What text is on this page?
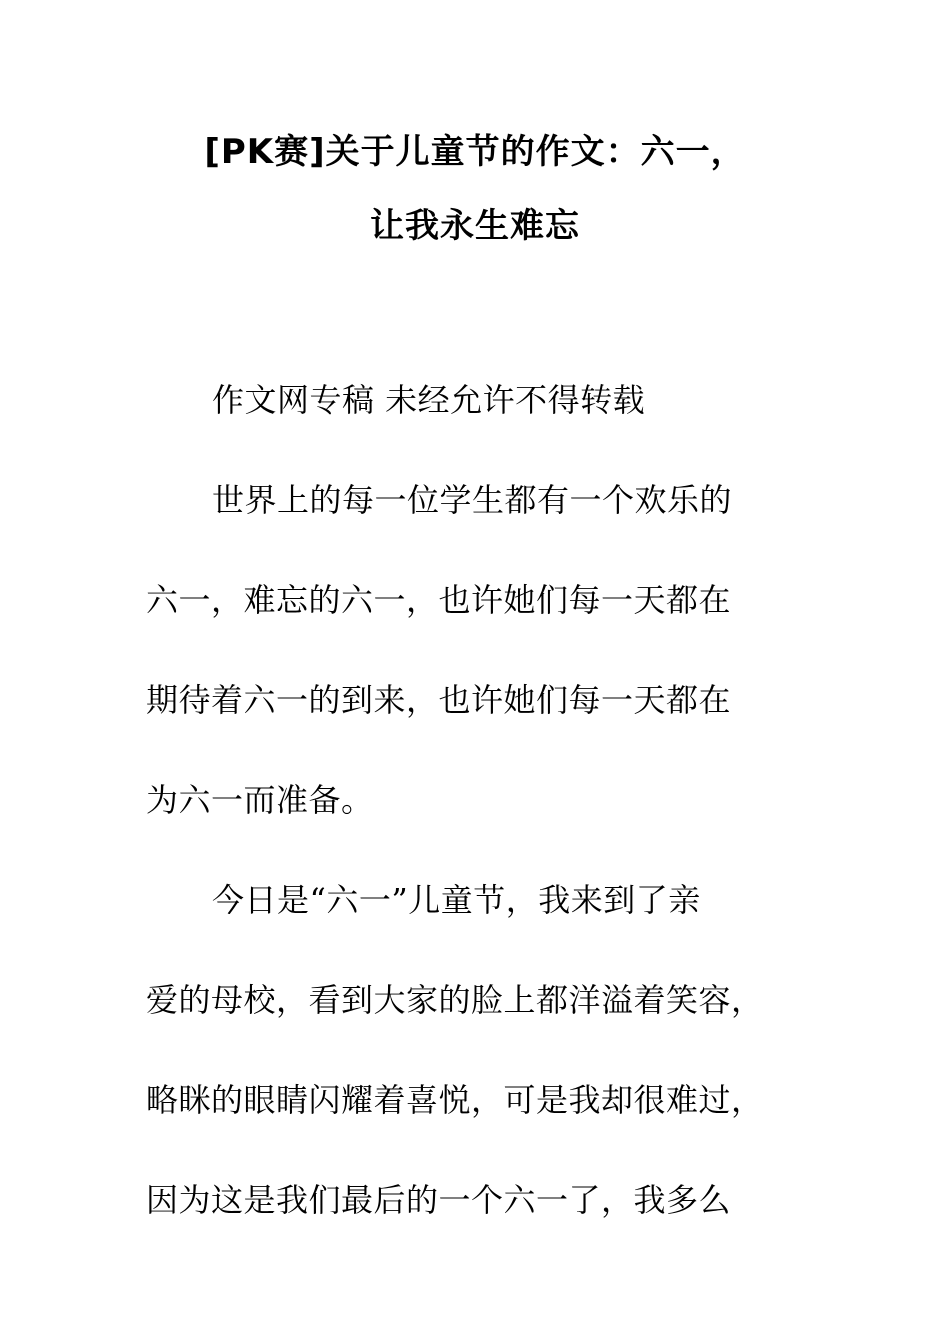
[PK赛]关于儿童节的作文：六一，
让我永生难忘
作文网专稿 未经允许不得转载
世界上的每一位学生都有一个欢乐的
六一，难忘的六一，也许她们每一天都在
期待着六一的到来，也许她们每一天都在
为六一而准备。
今日是“六一”儿童节，我来到了亲
爱的母校，看到大家的脸上都洋溢着笑容，
略眯的眼睛闪耀着喜悦，可是我却很难过，
因为这是我们最后的一个六一了，我多么
